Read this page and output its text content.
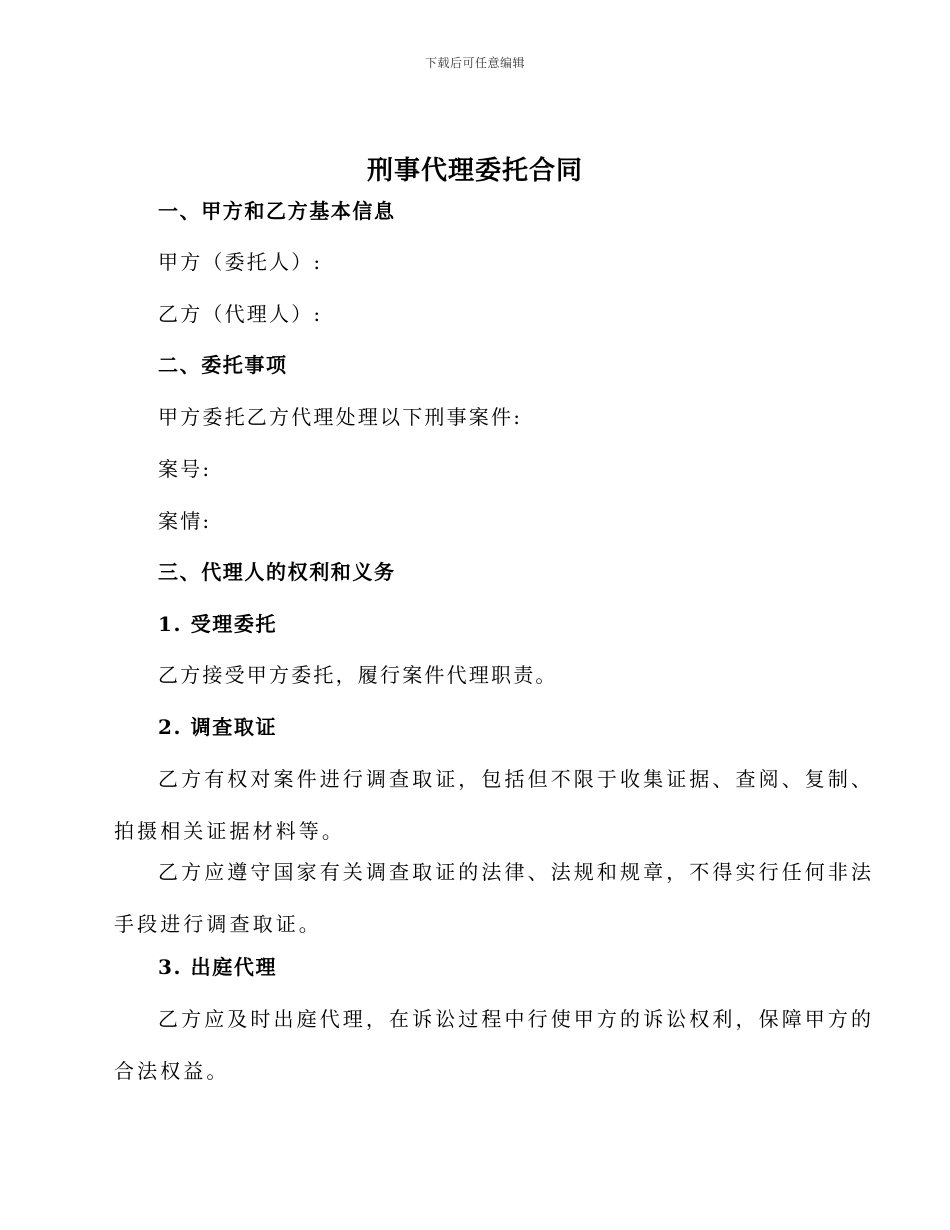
下载后可任意编辑
刑事代理委托合同
一、甲方和乙方基本信息
甲方（委托人）:
乙方（代理人）:
二、委托事项
甲方委托乙方代理处理以下刑事案件:
案号:
案情:
三、代理人的权利和义务
1. 受理委托
乙方接受甲方委托，履行案件代理职责。
2. 调查取证
乙方有权对案件进行调查取证，包括但不限于收集证据、查阅、复制、
拍摄相关证据材料等。
乙方应遵守国家有关调查取证的法律、法规和规章，不得实行任何非法
手段进行调查取证。
3. 出庭代理
乙方应及时出庭代理，在诉讼过程中行使甲方的诉讼权利，保障甲方的
合法权益。
